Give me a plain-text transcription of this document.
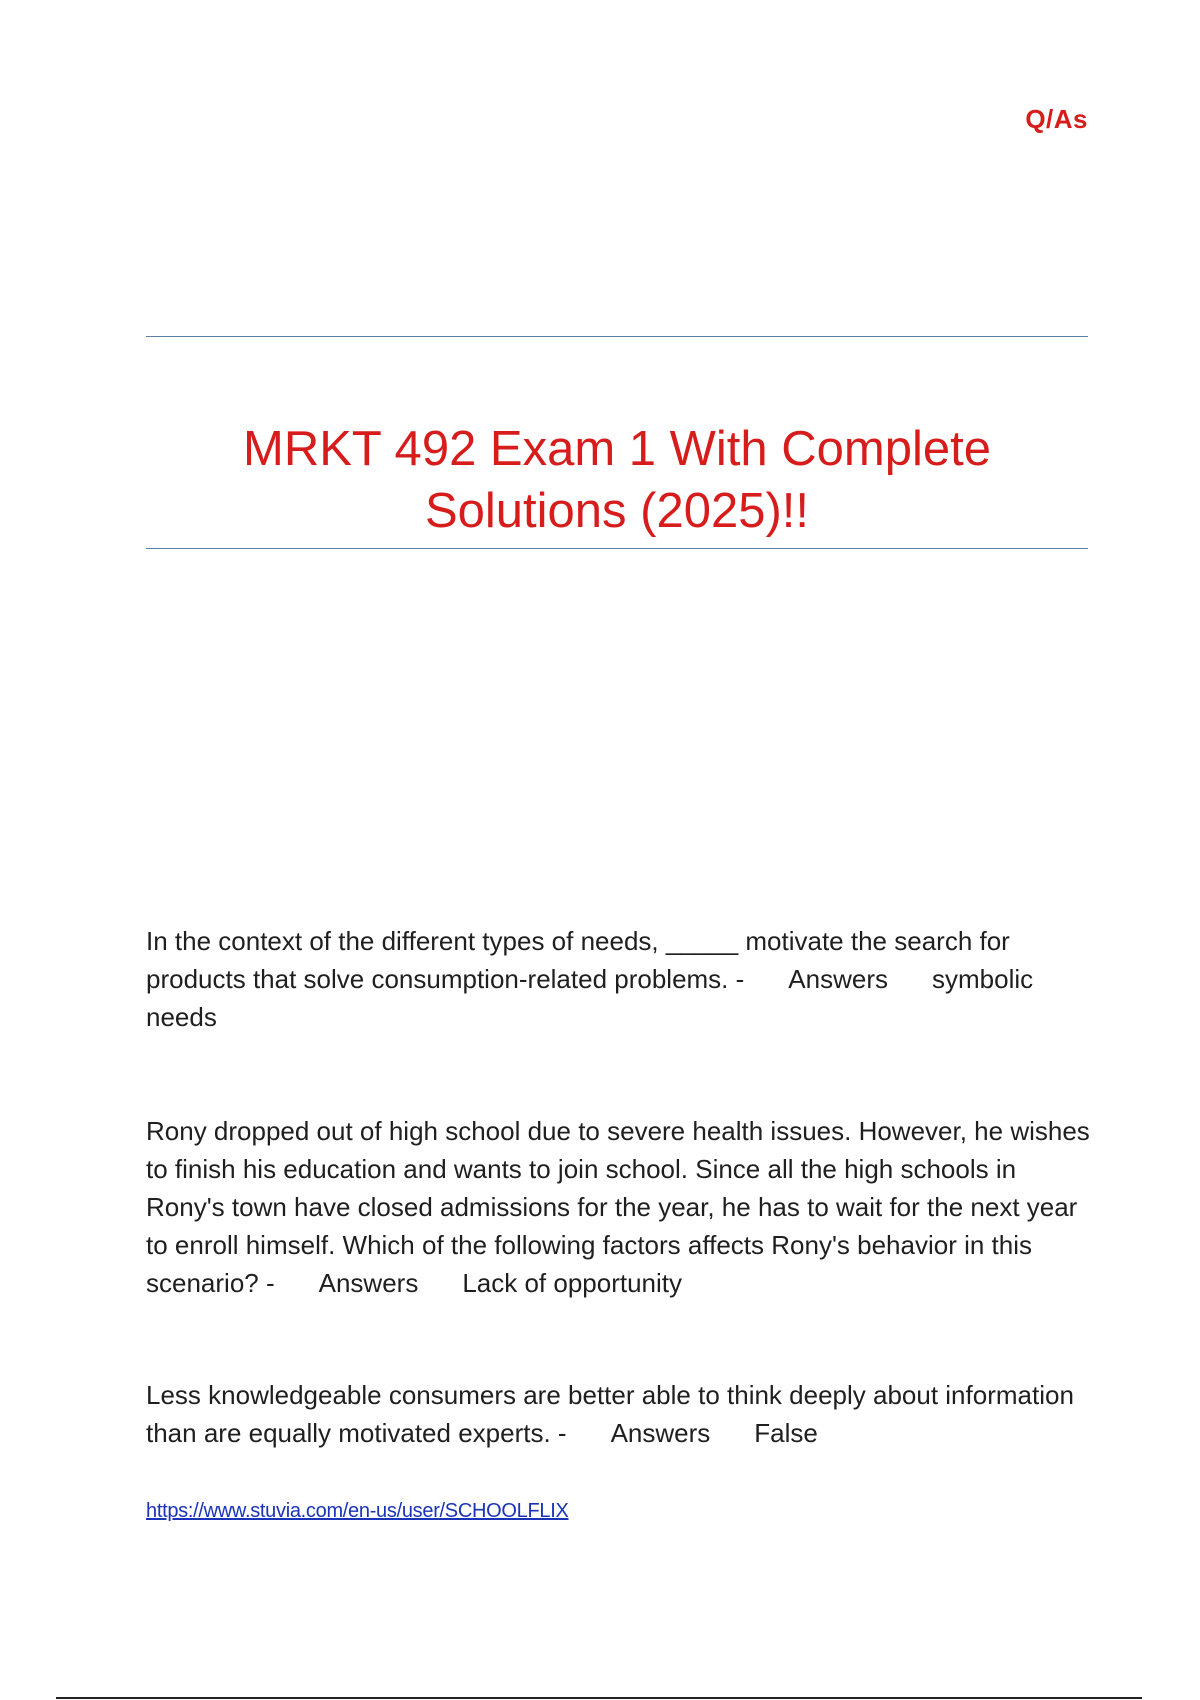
Q/As
MRKT 492 Exam 1 With Complete Solutions (2025)!!

In the context of the different types of needs, _____ motivate the search for products that solve consumption-related problems. - Answers symbolic needs

Rony dropped out of high school due to severe health issues. However, he wishes to finish his education and wants to join school. Since all the high schools in Rony's town have closed admissions for the year, he has to wait for the next year to enroll himself. Which of the following factors affects Rony's behavior in this scenario? - Answers Lack of opportunity

Less knowledgeable consumers are better able to think deeply about information than are equally motivated experts. - Answers False

https://www.stuvia.com/en-us/user/SCHOOLFLIX
